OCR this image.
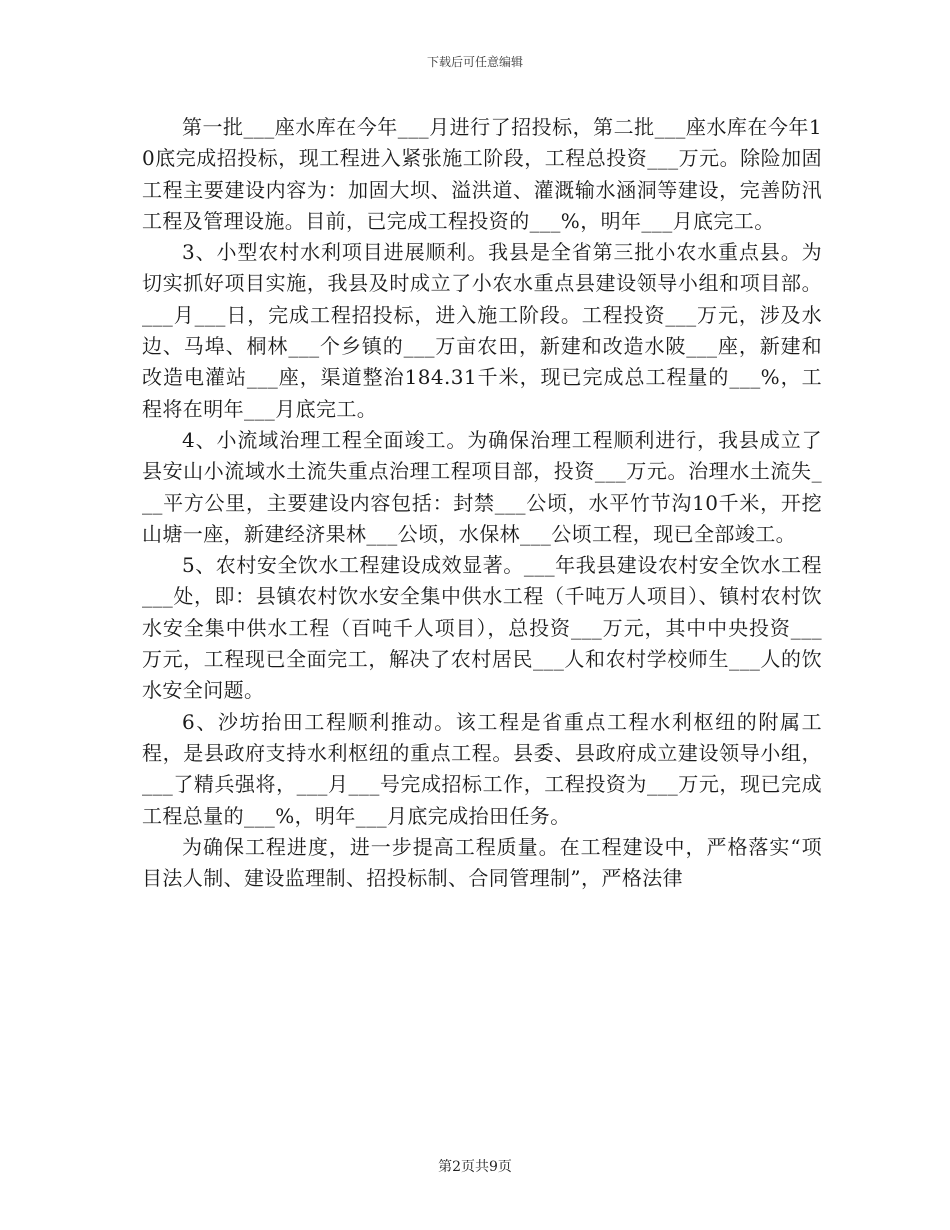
下载后可任意编辑

第一批___座水库在今年___月进行了招投标，第二批___座水库在今年10底完成招投标，现工程进入紧张施工阶段，工程总投资___万元。除险加固工程主要建设内容为：加固大坝、溢洪道、灌溉输水涵洞等建设，完善防汛工程及管理设施。目前，已完成工程投资的___%，明年___月底完工。

3、小型农村水利项目进展顺利。我县是全省第三批小农水重点县。为切实抓好项目实施，我县及时成立了小农水重点县建设领导小组和项目部。___月___日，完成工程招投标，进入施工阶段。工程投资___万元，涉及水边、马埠、桐林___个乡镇的___万亩农田，新建和改造水陂___座，新建和改造电灌站___座，渠道整治184.31千米，现已完成总工程量的___%，工程将在明年___月底完工。

4、小流域治理工程全面竣工。为确保治理工程顺利进行，我县成立了县安山小流域水土流失重点治理工程项目部，投资___万元。治理水土流失___平方公里，主要建设内容包括：封禁___公顷，水平竹节沟10千米，开挖山塘一座，新建经济果林___公顷，水保林___公顷工程，现已全部竣工。

5、农村安全饮水工程建设成效显著。___年我县建设农村安全饮水工程___处，即：县镇农村饮水安全集中供水工程（千吨万人项目）、镇村农村饮水安全集中供水工程（百吨千人项目），总投资___万元，其中中央投资___万元，工程现已全面完工，解决了农村居民___人和农村学校师生___人的饮水安全问题。

6、沙坊抬田工程顺利推动。该工程是省重点工程水利枢纽的附属工程，是县政府支持水利枢纽的重点工程。县委、县政府成立建设领导小组，___了精兵强将，___月___号完成招标工作，工程投资为___万元，现已完成工程总量的___%，明年___月底完成抬田任务。

为确保工程进度，进一步提高工程质量。在工程建设中，严格落实“项目法人制、建设监理制、招投标制、合同管理制”，严格法律

第2页共9页
